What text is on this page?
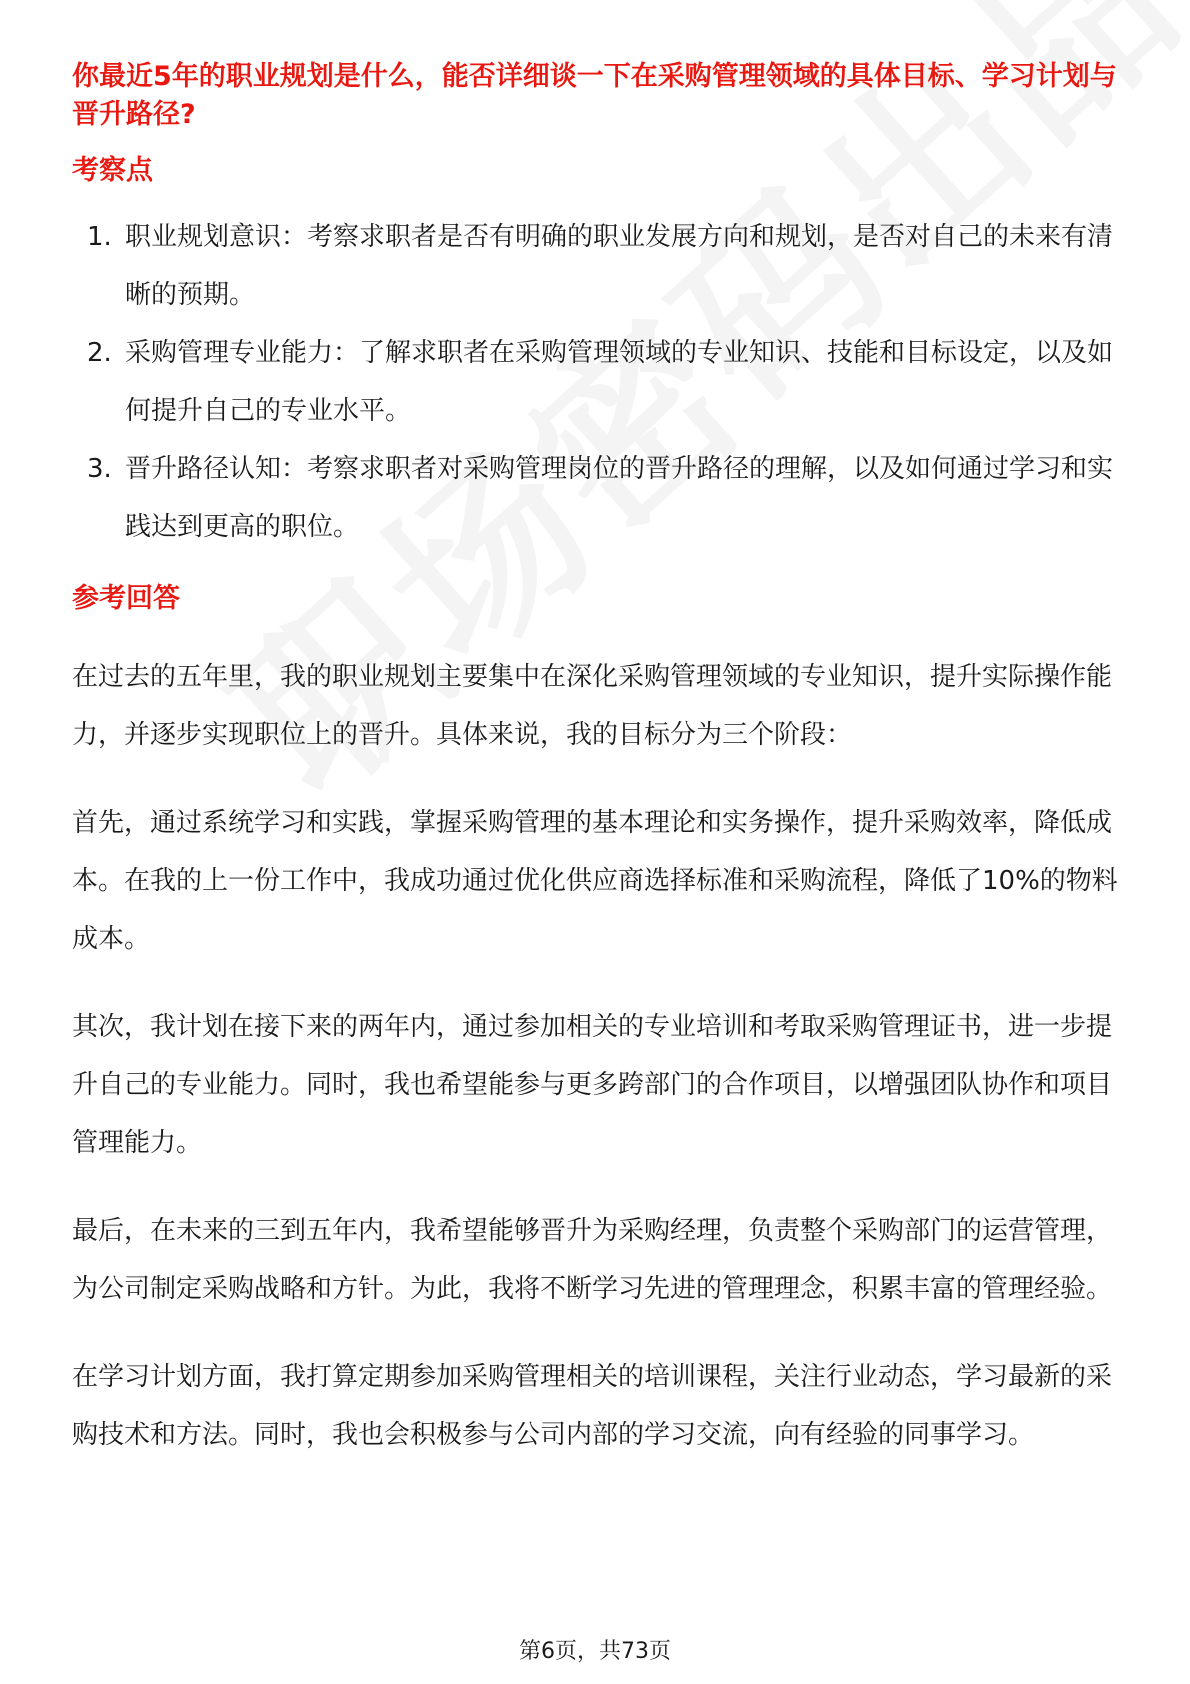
你最近5年的职业规划是什么，能否详细谈一下在采购管理领域的具体目标、学习计划与晋升路径?
考察点
1. 职业规划意识：考察求职者是否有明确的职业发展方向和规划，是否对自己的未来有清晰的预期。
2. 采购管理专业能力：了解求职者在采购管理领域的专业知识、技能和目标设定，以及如何提升自己的专业水平。
3. 晋升路径认知：考察求职者对采购管理岗位的晋升路径的理解，以及如何通过学习和实践达到更高的职位。
参考回答

在过去的五年里，我的职业规划主要集中在深化采购管理领域的专业知识，提升实际操作能力，并逐步实现职位上的晋升。具体来说，我的目标分为三个阶段：

首先，通过系统学习和实践，掌握采购管理的基本理论和实务操作，提升采购效率，降低成本。在我的上一份工作中，我成功通过优化供应商选择标准和采购流程，降低了10%的物料成本。

其次，我计划在接下来的两年内，通过参加相关的专业培训和考取采购管理证书，进一步提升自己的专业能力。同时，我也希望能参与更多跨部门的合作项目，以增强团队协作和项目管理能力。

最后，在未来的三到五年内，我希望能够晋升为采购经理，负责整个采购部门的运营管理，为公司制定采购战略和方针。为此，我将不断学习先进的管理理念，积累丰富的管理经验。

在学习计划方面，我打算定期参加采购管理相关的培训课程，关注行业动态，学习最新的采购技术和方法。同时，我也会积极参与公司内部的学习交流，向有经验的同事学习。

第6页，共73页
